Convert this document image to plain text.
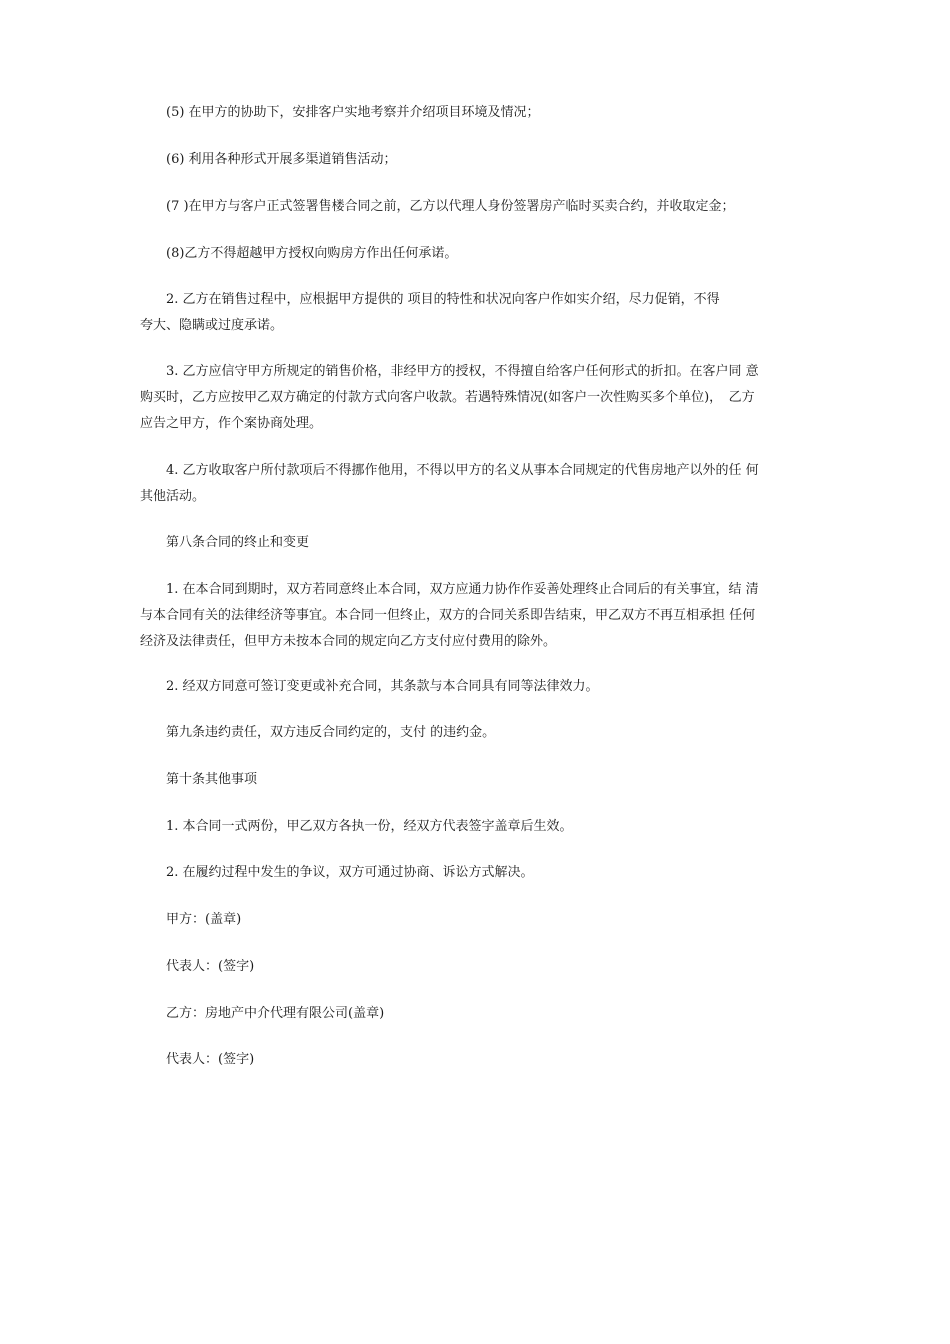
　　(5) 在甲方的协助下，安排客户实地考察并介绍项目环境及情况；

　　(6) 利用各种形式开展多渠道销售活动；

　　(7 )在甲方与客户正式签署售楼合同之前，乙方以代理人身份签署房产临时买卖合约，并收取定金；

　　(8)乙方不得超越甲方授权向购房方作出任何承诺。

　　2. 乙方在销售过程中，应根据甲方提供的 项目的特性和状况向客户作如实介绍，尽力促销，不得
夸大、隐瞒或过度承诺。

　　3. 乙方应信守甲方所规定的销售价格，非经甲方的授权，不得擅自给客户任何形式的折扣。在客户同 意
购买时，乙方应按甲乙双方确定的付款方式向客户收款。若遇特殊情况(如客户一次性购买多个单位)，　乙方
应告之甲方，作个案协商处理。

　　4. 乙方收取客户所付款项后不得挪作他用，不得以甲方的名义从事本合同规定的代售房地产以外的任 何
其他活动。

　　第八条合同的终止和变更

　　1. 在本合同到期时，双方若同意终止本合同，双方应通力协作作妥善处理终止合同后的有关事宜，结 清
与本合同有关的法律经济等事宜。本合同一但终止，双方的合同关系即告结束，甲乙双方不再互相承担 任何
经济及法律责任，但甲方未按本合同的规定向乙方支付应付费用的除外。

　　2. 经双方同意可签订变更或补充合同，其条款与本合同具有同等法律效力。

　　第九条违约责任，双方违反合同约定的，支付 的违约金。

　　第十条其他事项

　　1. 本合同一式两份，甲乙双方各执一份，经双方代表签字盖章后生效。

　　2. 在履约过程中发生的争议，双方可通过协商、诉讼方式解决。

　　甲方：(盖章)

　　代表人：(签字)

　　乙方：房地产中介代理有限公司(盖章)

　　代表人：(签字)
